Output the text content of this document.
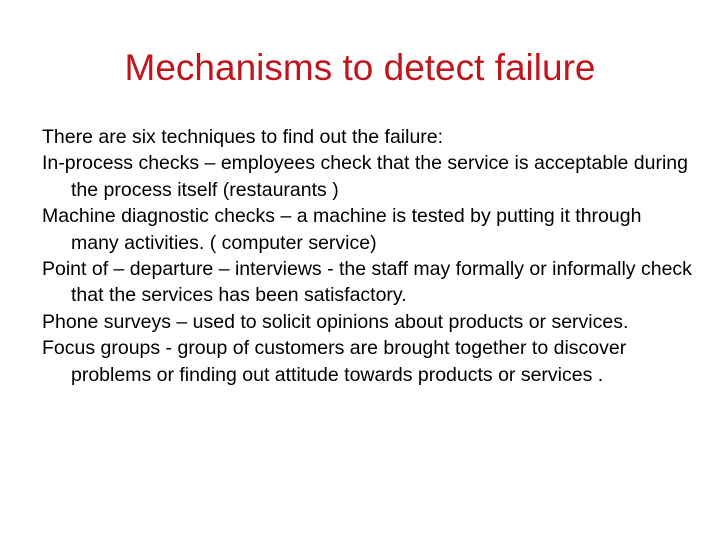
Mechanisms to detect failure

There are six techniques to find out the failure:

In-process checks – employees check that the service is acceptable during the process itself (restaurants )

Machine diagnostic checks – a machine is tested by putting it through many activities. ( computer service)

Point of – departure – interviews - the staff may formally or informally check that the services has been satisfactory.

Phone surveys – used to solicit opinions about products or services.

Focus groups - group of customers are brought together to discover problems or finding out attitude towards products or services .
